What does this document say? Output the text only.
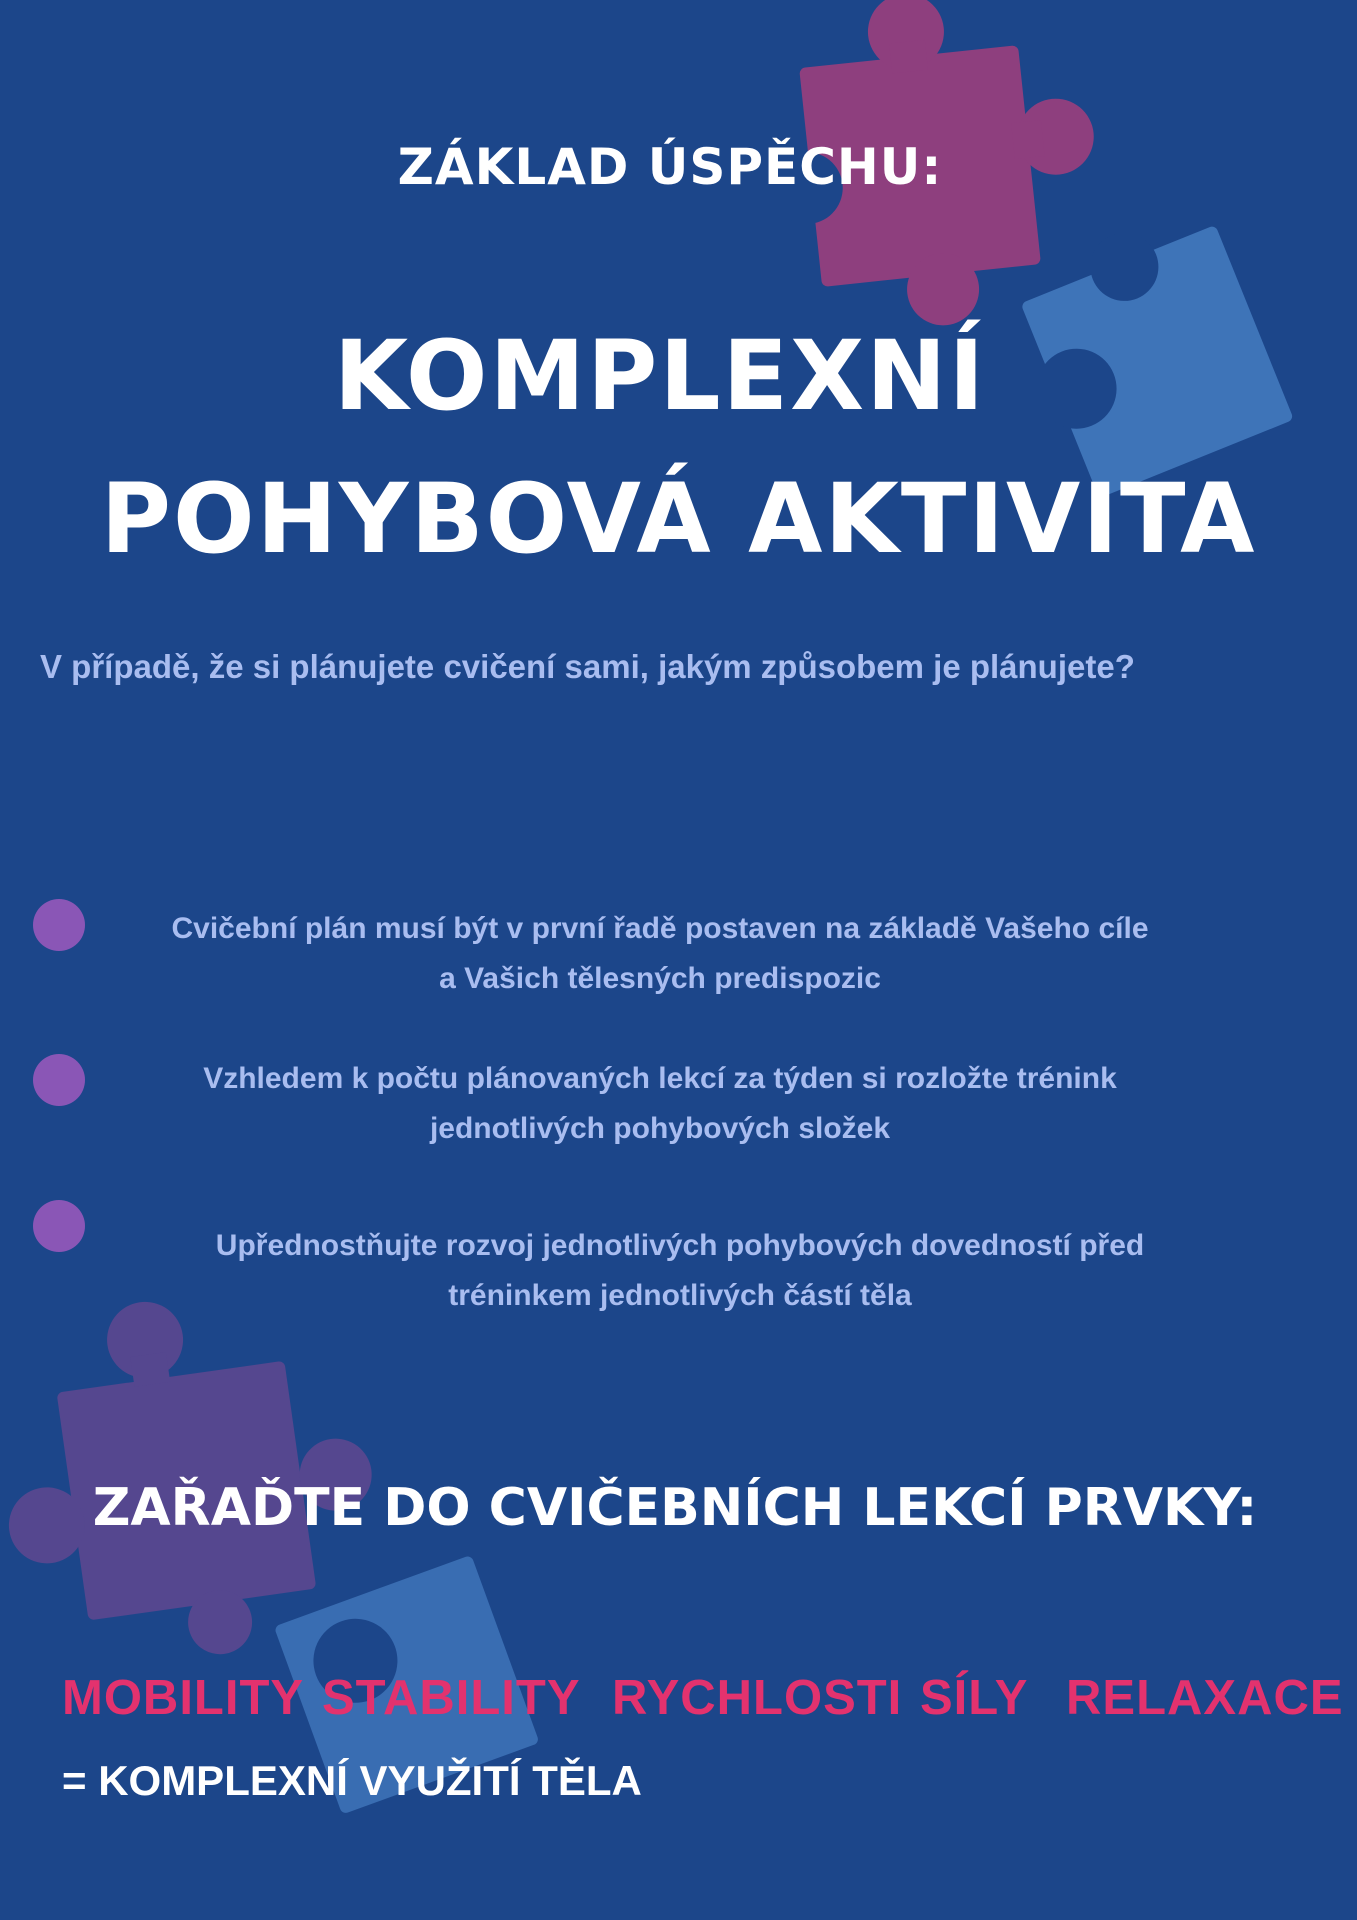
ZÁKLAD ÚSPĚCHU:
KOMPLEXNÍ
POHYBOVÁ AKTIVITA
V případě, že si plánujete cvičení sami, jakým způsobem je plánujete?
Cvičební plán musí být v první řadě postaven na základě Vašeho cíle
a Vašich tělesných predispozic
Vzhledem k počtu plánovaných lekcí za týden si rozložte trénink
jednotlivých pohybových složek
Upřednostňujte rozvoj jednotlivých pohybových dovedností před
tréninkem jednotlivých částí těla
ZAŘAĎTE DO CVIČEBNÍCH LEKCÍ PRVKY:
MOBILITY STABILITY RYCHLOSTI SÍLY RELAXACE
= KOMPLEXNÍ VYUŽITÍ TĚLA
